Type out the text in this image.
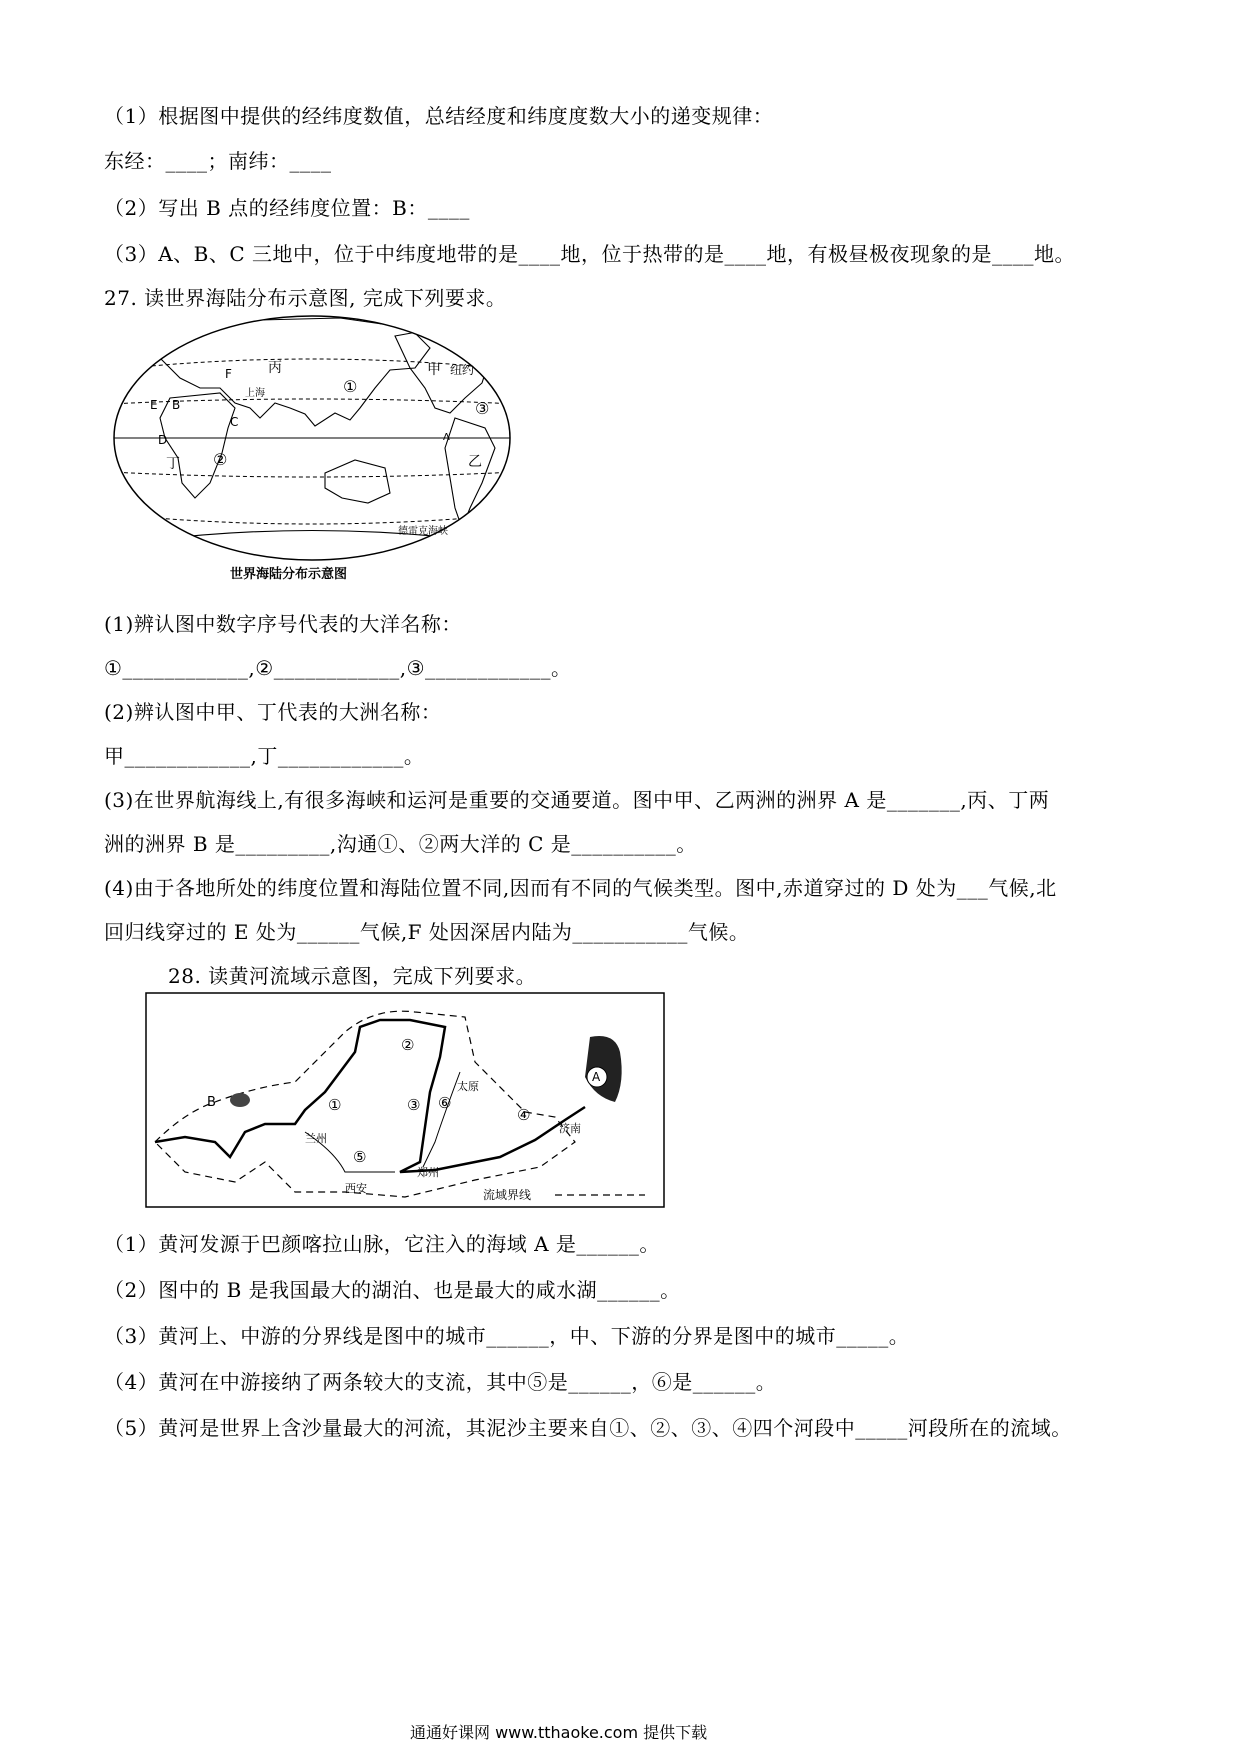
（1）根据图中提供的经纬度数值，总结经度和纬度度数大小的递变规律：
东经：____；南纬：____
（2）写出 B 点的经纬度位置：B：____
（3）A、B、C 三地中，位于中纬度地带的是____地，位于热带的是____地，有极昼极夜现象的是____地。
27. 读世界海陆分布示意图, 完成下列要求。
F	丙
上海	①
甲 纽约
E B
C
③
A
D
丁 ②	乙
德雷克海峡
世界海陆分布示意图
(1)辨认图中数字序号代表的大洋名称：
①____________,②____________,③____________。
(2)辨认图中甲、丁代表的大洲名称：
甲____________,丁____________。
(3)在世界航海线上,有很多海峡和运河是重要的交通要道。图中甲、乙两洲的洲界 A 是_______,丙、丁两
洲的洲界 B 是_________,沟通①、②两大洋的 C 是__________。
(4)由于各地所处的纬度位置和海陆位置不同,因而有不同的气候类型。图中,赤道穿过的 D 处为___气候,北
回归线穿过的 E 处为______气候,F 处因深居内陆为___________气候。
28. 读黄河流域示意图，完成下列要求。
②
B	①	③ ⑥
太原
A
④
济南
兰州
⑤
西安
郑州
流域界线
（1）黄河发源于巴颜喀拉山脉，它注入的海域 A 是______。
（2）图中的 B 是我国最大的湖泊、也是最大的咸水湖______。
（3）黄河上、中游的分界线是图中的城市______，中、下游的分界是图中的城市_____。
（4）黄河在中游接纳了两条较大的支流，其中⑤是______，⑥是______。
（5）黄河是世界上含沙量最大的河流，其泥沙主要来自①、②、③、④四个河段中_____河段所在的流域。
通通好课网 www.tthaoke.com 提供下载
